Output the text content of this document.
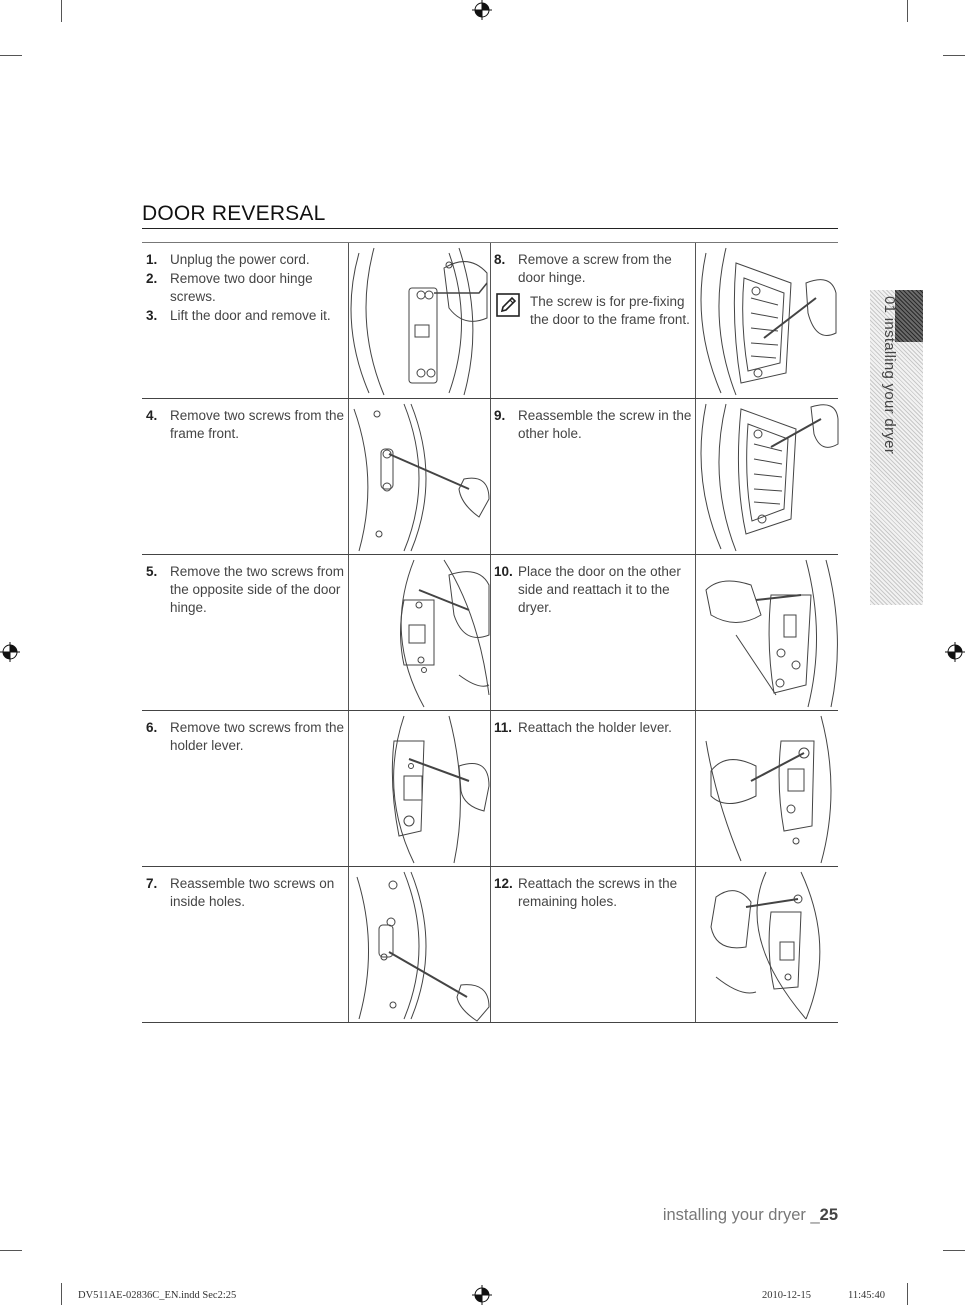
DOOR REVERSAL
1. Unplug the power cord.
2. Remove two door hinge screws.
3. Lift the door and remove it.
8. Remove a screw from the door hinge.
The screw is for pre-fixing the door to the frame front.
4. Remove two screws from the frame front.
9. Reassemble the screw in the other hole.
5. Remove the two screws from the opposite side of the door hinge.
10. Place the door on the other side and reattach it to the dryer.
6. Remove two screws from the holder lever.
11. Reattach the holder lever.
7. Reassemble two screws on inside holes.
12. Reattach the screws in the remaining holes.
01 installing your dryer
installing your dryer _25
DV511AE-02836C_EN.indd Sec2:25	2010-12-15	11:45:40
